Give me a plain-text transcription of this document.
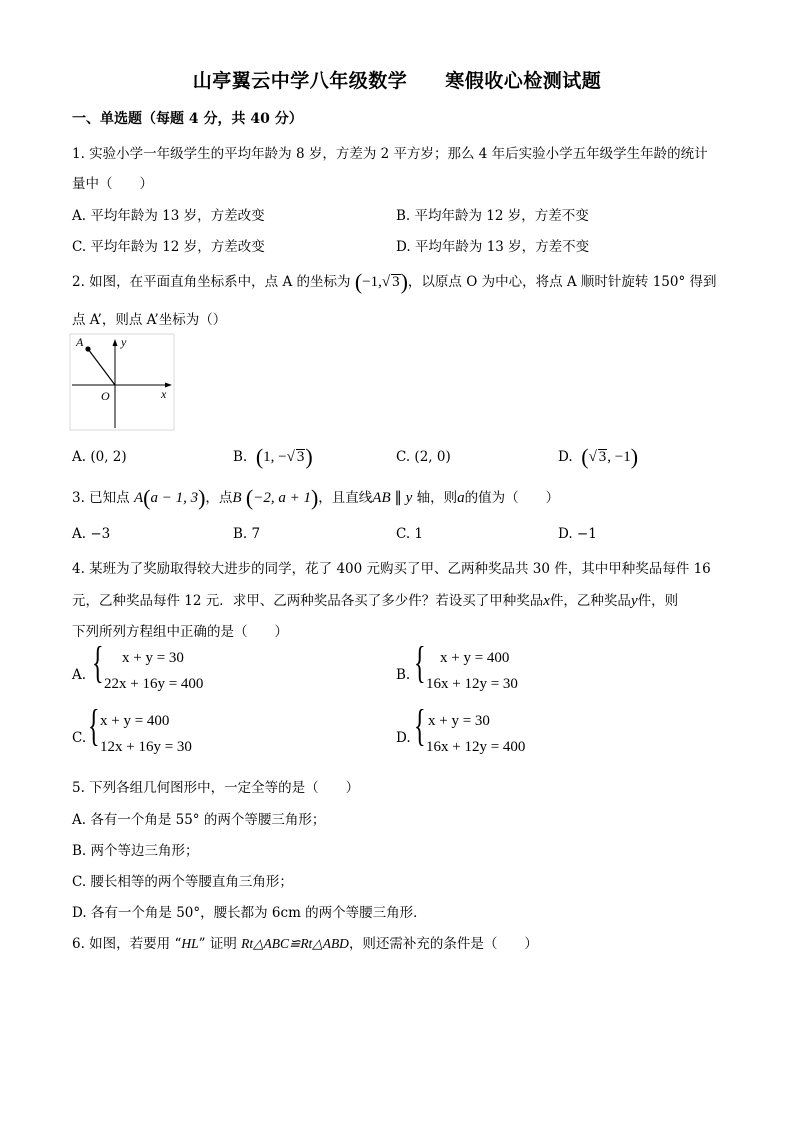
山亭翼云中学八年级数学 寒假收心检测试题
一、单选题（每题 4 分，共 40 分）
1. 实验小学一年级学生的平均年龄为 8 岁，方差为 2 平方岁；那么 4 年后实验小学五年级学生年龄的统计
量中（　　）
A. 平均年龄为 13 岁，方差改变	B. 平均年龄为 12 岁，方差不变
C. 平均年龄为 12 岁，方差改变	D. 平均年龄为 13 岁，方差不变
2. 如图，在平面直角坐标系中，点 A 的坐标为 (−1,√ 3)，以原点 O 为中心，将点 A 顺时针旋转 150° 得到
点 A’，则点 A’坐标为（）
A	y
O	x
A. (0, 2)	B. (1, −√ 3)	C. (2, 0)	D. (√ 3, −1)
3. 已知点 A(a − 1, 3)，点B (−2, a + 1)，且直线AB ∥ y 轴，则a的值为（　　）
A. −3	B. 7	C. 1	D. −1
4. 某班为了奖励取得较大进步的同学，花了 400 元购买了甲、乙两种奖品共 30 件，其中甲种奖品每件 16
元，乙种奖品每件 12 元．求甲、乙两种奖品各买了多少件？若设买了甲种奖品x件，乙种奖品y件，则
下列所列方程组中正确的是（　　）
A. { x + y = 30
22x + 16y = 400
B. { x + y = 400
16x + 12y = 30
C. { x + y = 400
12x + 16y = 30
D. { x + y = 30
16x + 12y = 400
5. 下列各组几何图形中，一定全等的是（　　）
A. 各有一个角是 55° 的两个等腰三角形；
B. 两个等边三角形；
C. 腰长相等的两个等腰直角三角形；
D. 各有一个角是 50°，腰长都为 6cm 的两个等腰三角形．
6. 如图，若要用 “HL” 证明 Rt△ABC≌Rt△ABD，则还需补充的条件是（　　）
